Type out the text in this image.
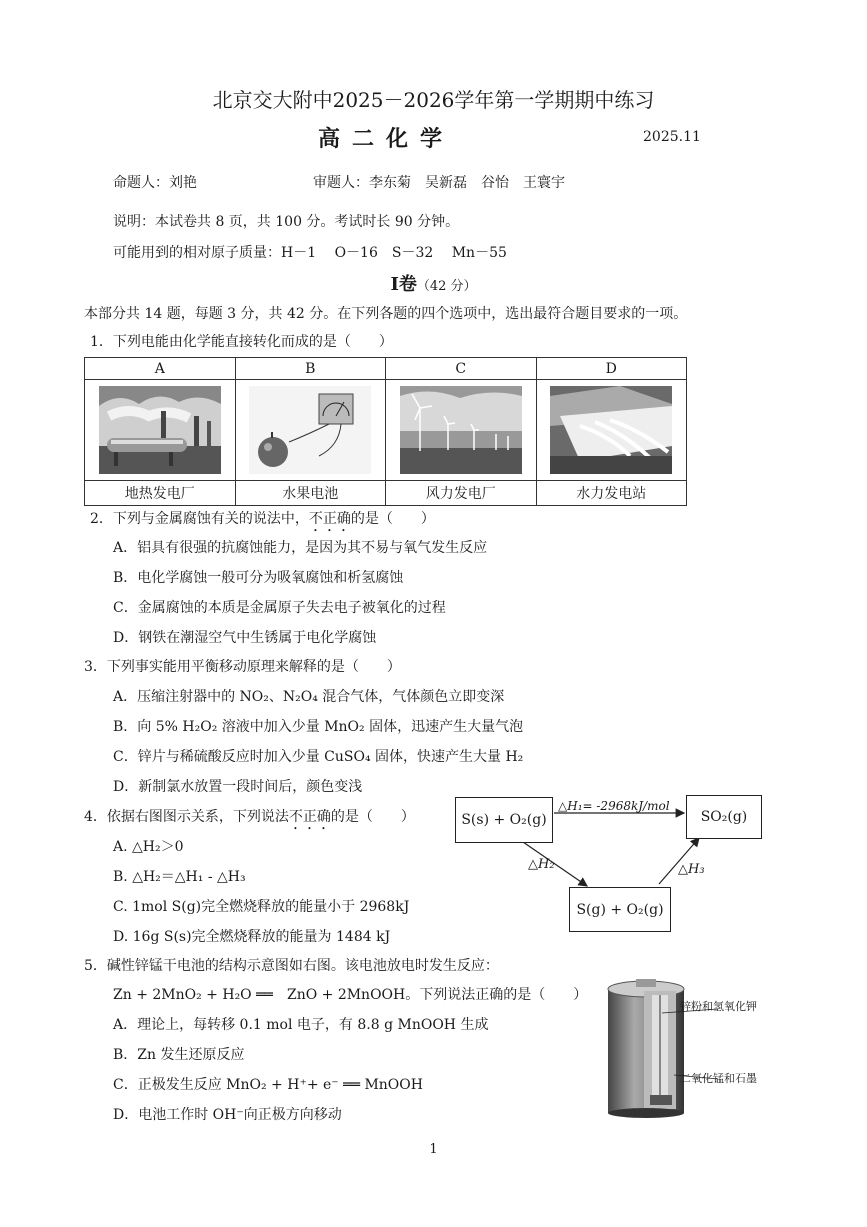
北京交大附中2025－2026学年第一学期期中练习
高二化学	2025.11
命题人：刘艳	审题人：李东菊　吴新磊　谷怡　王寰宇
说明：本试卷共 8 页，共 100 分。考试时长 90 分钟。
可能用到的相对原子质量：H－1　 O－16　S－32　 Mn－55
I卷（42 分）
本部分共 14 题，每题 3 分，共 42 分。在下列各题的四个选项中，选出最符合题目要求的一项。
1．下列电能由化学能直接转化而成的是（　　）
A	B	C	D

地热发电厂	水果电池	风力发电厂	水力发电站
2．下列与金属腐蚀有关的说法中，不正确的是（　　）
A．铝具有很强的抗腐蚀能力，是因为其不易与氧气发生反应
B．电化学腐蚀一般可分为吸氧腐蚀和析氢腐蚀
C．金属腐蚀的本质是金属原子失去电子被氧化的过程
D．钢铁在潮湿空气中生锈属于电化学腐蚀
3．下列事实能用平衡移动原理来解释的是（　　）
A．压缩注射器中的 NO₂、N₂O₄ 混合气体，气体颜色立即变深
B．向 5% H₂O₂ 溶液中加入少量 MnO₂ 固体，迅速产生大量气泡
C．锌片与稀硫酸反应时加入少量 CuSO₄ 固体，快速产生大量 H₂
D．新制氯水放置一段时间后，颜色变浅
4．依据右图图示关系，下列说法不正确的是（　　）
A. △H₂＞0
B. △H₂＝△H₁ - △H₃
C. 1mol S(g)完全燃烧释放的能量小于 2968kJ
D. 16g S(s)完全燃烧释放的能量为 1484 kJ
S(s) + O₂(g)	SO₂(g)
S(g) + O₂(g)
△H₁= -2968kJ/mol
△H₂	△H₃
5．碱性锌锰干电池的结构示意图如右图。该电池放电时发生反应：
Zn + 2MnO₂ + H₂O ══　ZnO + 2MnOOH。下列说法正确的是（　　）
A．理论上，每转移 0.1 mol 电子，有 8.8 g MnOOH 生成
B．Zn 发生还原反应
C．正极发生反应 MnO₂ + H⁺+ e⁻ ══ MnOOH
D．电池工作时 OH⁻向正极方向移动
锌粉和氢氧化钾
二氧化锰和石墨
1
